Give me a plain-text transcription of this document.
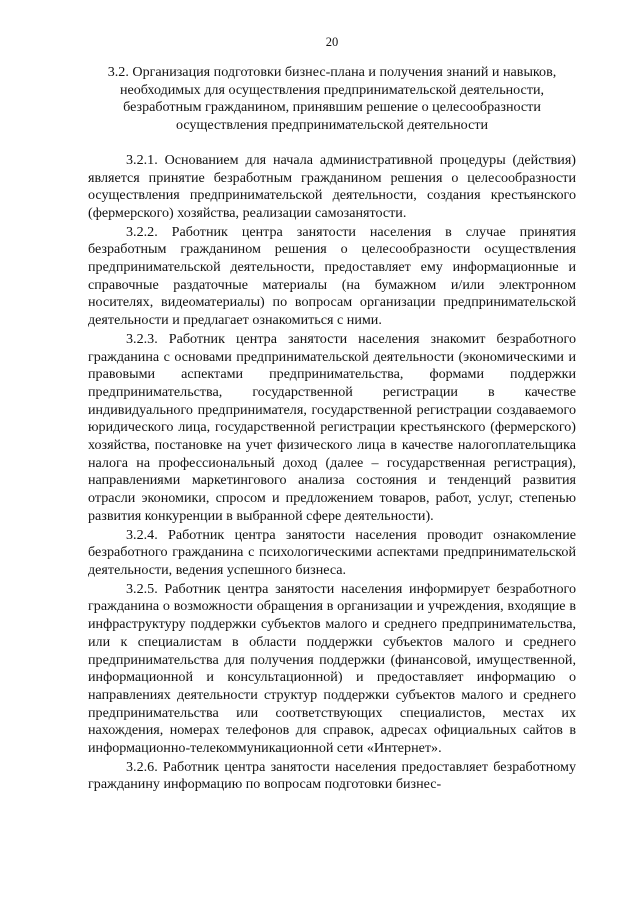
20
3.2. Организация подготовки бизнес-плана и получения знаний и навыков,
необходимых для осуществления предпринимательской деятельности,
безработным гражданином, принявшим решение о целесообразности
осуществления предпринимательской деятельности

3.2.1. Основанием для начала административной процедуры (действия) является принятие безработным гражданином решения о целесообразности осуществления предпринимательской деятельности, создания крестьянского (фермерского) хозяйства, реализации самозанятости.

3.2.2. Работник центра занятости населения в случае принятия безработным гражданином решения о целесообразности осуществления предпринимательской деятельности, предоставляет ему информационные и справочные раздаточные материалы (на бумажном и/или электронном носителях, видеоматериалы) по вопросам организации предпринимательской деятельности и предлагает ознакомиться с ними.

3.2.3. Работник центра занятости населения знакомит безработного гражданина с основами предпринимательской деятельности (экономическими и правовыми аспектами предпринимательства, формами поддержки предпринимательства, государственной регистрации в качестве индивидуального предпринимателя, государственной регистрации создаваемого юридического лица, государственной регистрации крестьянского (фермерского) хозяйства, постановке на учет физического лица в качестве налогоплательщика налога на профессиональный доход (далее – государственная регистрация), направлениями маркетингового анализа состояния и тенденций развития отрасли экономики, спросом и предложением товаров, работ, услуг, степенью развития конкуренции в выбранной сфере деятельности).

3.2.4. Работник центра занятости населения проводит ознакомление безработного гражданина с психологическими аспектами предпринимательской деятельности, ведения успешного бизнеса.

3.2.5. Работник центра занятости населения информирует безработного гражданина о возможности обращения в организации и учреждения, входящие в инфраструктуру поддержки субъектов малого и среднего предпринимательства, или к специалистам в области поддержки субъектов малого и среднего предпринимательства для получения поддержки (финансовой, имущественной, информационной и консультационной) и предоставляет информацию о направлениях деятельности структур поддержки субъектов малого и среднего предпринимательства или соответствующих специалистов, местах их нахождения, номерах телефонов для справок, адресах официальных сайтов в информационно-телекоммуникационной сети «Интернет».

3.2.6. Работник центра занятости населения предоставляет безработному гражданину информацию по вопросам подготовки бизнес-
